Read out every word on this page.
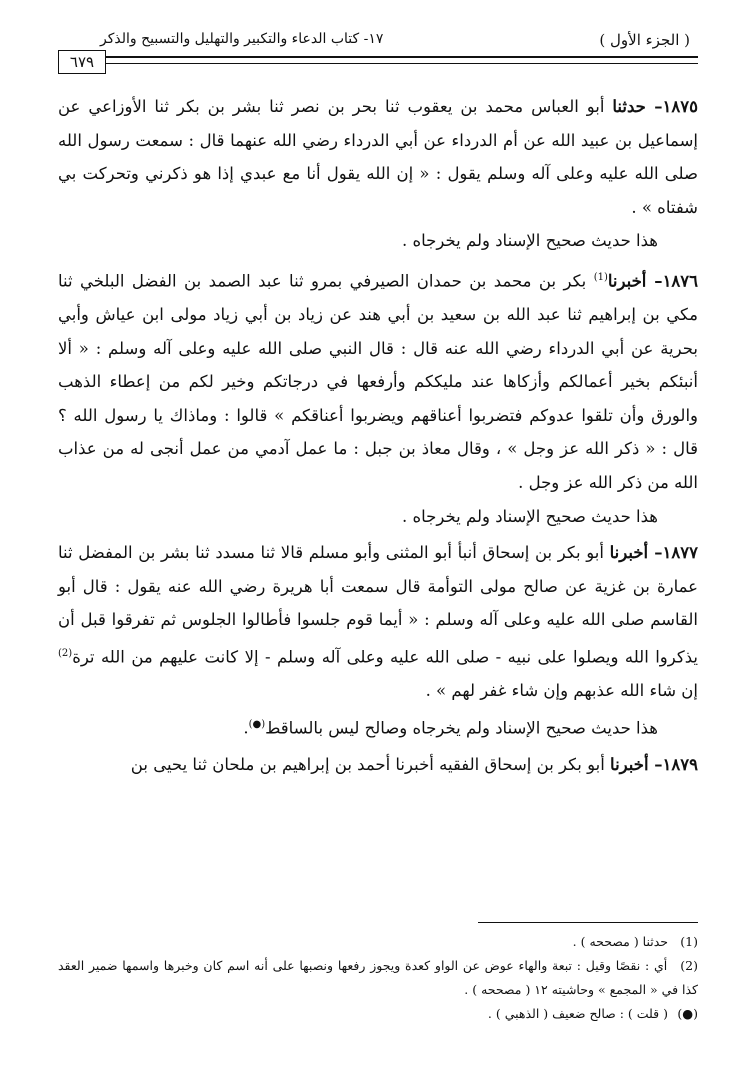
( الجزء الأول )
١٧- كتاب الدعاء والتكبير والتهليل والتسبيح والذكر
٦٧٩

١٨٧٥– حدثنا أبو العباس محمد بن يعقوب ثنا بحر بن نصر ثنا بشر بن بكر ثنا الأوزاعي عن إسماعيل بن عبيد الله عن أم الدرداء عن أبي الدرداء رضي الله عنهما قال : سمعت رسول الله صلى الله عليه وعلى آله وسلم يقول : « إن الله يقول أنا مع عبدي إذا هو ذكرني وتحركت بي شفتاه » .

هذا حديث صحيح الإسناد ولم يخرجاه .

١٨٧٦– أخبرنا$^{(1)}$ بكر بن محمد بن حمدان الصيرفي بمرو ثنا عبد الصمد بن الفضل البلخي ثنا مكي بن إبراهيم ثنا عبد الله بن سعيد بن أبي هند عن زياد بن أبي زياد مولى ابن عياش وأبي بحرية عن أبي الدرداء رضي الله عنه قال : قال النبي صلى الله عليه وعلى آله وسلم : « ألا أنبئكم بخير أعمالكم وأزكاها عند مليككم وأرفعها في درجاتكم وخير لكم من إعطاء الذهب والورق وأن تلقوا عدوكم فتضربوا أعناقهم ويضربوا أعناقكم » قالوا : وماذاك يا رسول الله ؟ قال : « ذكر الله عز وجل » ، وقال معاذ بن جبل : ما عمل آدمي من عمل أنجى له من عذاب الله من ذكر الله عز وجل .

هذا حديث صحيح الإسناد ولم يخرجاه .

١٨٧٧– أخبرنا أبو بكر بن إسحاق أنبأ أبو المثنى وأبو مسلم قالا ثنا مسدد ثنا بشر بن المفضل ثنا عمارة بن غزية عن صالح مولى التوأمة قال سمعت أبا هريرة رضي الله عنه يقول : قال أبو القاسم صلى الله عليه وعلى آله وسلم : « أيما قوم جلسوا فأطالوا الجلوس ثم تفرقوا قبل أن يذكروا الله ويصلوا على نبيه - صلى الله عليه وعلى آله وسلم - إلا كانت عليهم من الله ترة$^{(2)}$ إن شاء الله عذبهم وإن شاء غفر لهم » .

هذا حديث صحيح الإسناد ولم يخرجاه وصالح ليس بالساقط(●).

١٨٧٩– أخبرنا أبو بكر بن إسحاق الفقيه أخبرنا أحمد بن إبراهيم بن ملحان ثنا يحيى بن

(1) حدثنا ( مصححه ) .

(2) أي : نقصًا وقيل : تبعة والهاء عوض عن الواو كعدة ويجوز رفعها ونصبها على أنه اسم كان وخبرها واسمها ضمير العقد كذا في « المجمع » وحاشيته ١٢ ( مصححه ) .

(●) ( قلت ) : صالح ضعيف ( الذهبي ) .
